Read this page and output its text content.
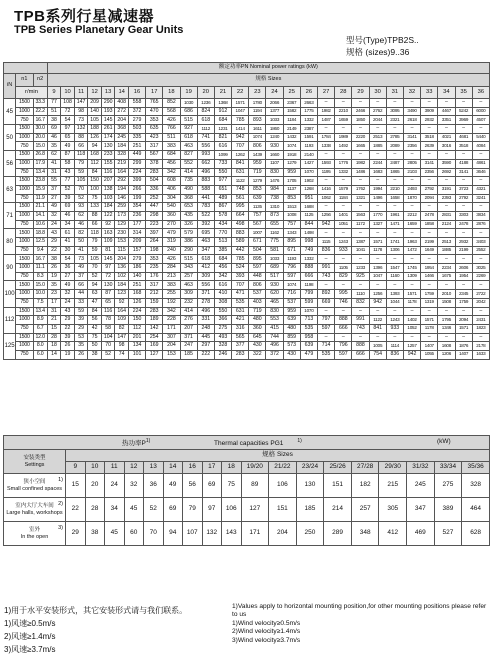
TPB系列行星减速器
TPB Series Planetary Gear Units
型号(Type)TPB2S..
规格 (sizes)9..36
			额定功率PN Nominal power ratings (kW)																										
iN	n1	n2	规格 Sizes																										
	r/min		9	10	11	12	13	14	16	17	18	19	20	21	22	23	24	25	26	27	28	29	30	31	32	33	34	35	36
45	1500	33.3	77	108	147	209	290	408	558	765	852	1030	1236	1368	1571	1780	2066	2367	2663	–	–	–	–	–	–	–	–	–	–
	1000	22.2	51	72	98	140	193	272	372	470	568	686	824	912	1047	1194	1377	1582	1775	1982	2210	2466	2762	3095	3490	3909	4467	5242	6000
	750	16.7	38	54	73	105	145	204	279	353	426	515	618	684	785	893	1033	1184	1332	1487	1659	1850	2044	2321	2618	2932	3351	3969	4507
50	1500	30.0	69	97	132	188	261	368	503	635	766	927	1112	1231	1414	1611	1860	2149	2387	–	–	–	–	–	–	–	–	–	–
	1000	20.0	46	65	88	126	174	245	335	423	511	618	741	821	942	1074	1240	1432	1591	1784	1989	2220	2513	2785	3141	3518	4021	4681	5440
	750	15.0	35	49	66	94	130	184	251	317	383	463	556	616	707	806	930	1074	1193	1338	1492	1665	1885	2089	2356	2639	3016	3518	4084
56	1500	26.8	62	87	118	168	233	328	449	567	684	827	993	1099	1262	1439	1660	1918	2140	–	–	–	–	–	–	–	–	–	–
	1000	17.9	41	58	79	112	155	219	299	378	456	552	662	733	841	959	1107	1279	1427	1593	1776	1982	2244	2487	2805	3141	3590	4188	4861
	750	13.4	31	43	59	84	116	164	224	283	342	414	496	550	631	719	830	959	1070	1195	1332	1486	1683	1865	2103	2356	2692	3141	3646
63	1500	23.8	55	77	105	150	207	292	399	504	608	735	883	977	1122	1279	1476	1705	1902	–	–	–	–	–	–	–	–	–	–
	1000	15.9	37	52	70	100	138	194	266	336	406	490	588	651	748	853	984	1137	1268	1416	1579	1762	1994	2210	2493	2792	3191	3723	4321
	750	11.9	27	39	52	75	103	146	199	252	304	368	441	489	561	639	738	853	951	1062	1184	1321	1496	1658	1870	2094	2393	2792	3241
71	1500	21.1	49	69	93	133	184	259	354	447	540	653	783	867	995	1135	1310	1513	1688	–	–	–	–	–	–	–	–	–	–
	1000	14.1	32	46	62	88	122	173	236	298	360	435	522	578	664	757	873	1008	1125	1256	1401	1563	1770	1961	2212	2478	2831	3303	3834
	750	10.6	24	34	46	66	92	129	177	223	270	326	392	434	498	567	655	757	844	942	1051	1172	1327	1471	1659	1858	2124	2478	2876
80	1500	18.8	43	61	82	118	163	230	314	397	479	579	695	770	883	1007	1162	1343	1498	–	–	–	–	–	–	–	–	–	–
	1000	12.5	29	41	50	79	109	153	209	264	319	386	463	513	589	671	775	895	998	1115	1243	1387	1571	1741	1963	2199	2513	2932	3403
	750	9.4	22	30	41	59	81	115	157	198	240	290	347	385	442	504	581	671	749	836	933	1041	1178	1306	1472	1649	1885	2199	2552
90	1500	16.7	38	54	73	105	145	204	279	353	426	515	618	684	785	895	1033	1193	1332	–	–	–	–	–	–	–	–	–	–
	1000	11.1	26	36	49	70	97	136	186	235	284	343	412	456	524	597	689	796	888	991	1105	1233	1396	1547	1745	1954	2234	2606	3025
	750	8.3	19	27	37	52	72	102	140	176	213	257	309	342	393	448	517	597	666	743	829	925	1047	1160	1309	1466	1675	1954	2269
100	1500	15.0	35	49	66	94	130	184	251	317	383	463	556	616	707	806	930	1074	1198	–	–	–	–	–	–	–	–	–	–
	1000	10.0	23	32	44	63	87	123	168	212	255	309	371	410	471	537	620	716	799	892	995	1110	1256	1393	1571	1759	2010	2345	2722
	750	7.5	17	24	33	47	65	92	126	159	192	232	278	308	535	403	465	537	599	669	746	832	942	1044	1178	1319	1508	1759	2042
112	1500	13.4	31	43	59	84	116	164	224	283	342	414	496	550	631	719	830	959	1070	–	–	–	–	–	–	–	–	–	–
	1000	8.9	21	29	39	56	78	109	150	189	228	276	331	366	421	480	553	639	713	797	888	991	1122	1243	1402	1571	1795	2094	2431
	750	6.7	15	22	29	42	58	82	112	142	171	207	248	275	316	360	415	480	535	597	666	743	841	933	1052	1178	1346	1571	1823
125	1500	12.0	28	39	53	75	104	147	201	254	307	371	445	493	565	645	744	859	958	–	–	–	–	–	–	–	–	–	–
	1000	8.0	18	26	35	50	70	98	134	169	204	247	297	328	377	430	496	573	639	714	796	888	1005	1114	1257	1407	1608	1876	2178
	750	6.0	14	19	26	38	52	74	101	127	153	185	222	246	283	322	372	430	479	535	597	666	754	836	942	1055	1206	1407	1633
热功率$P^{1)}$ Thermal capacities PG1 $^{1)}$ (kW)																		

安装类型
Settings	规格 Sizes																	
	9	10	11	12	13	14	16	17	18	19/20	21/22	23/24	25/26	27/28	29/30	31/32	33/34	35/36
狭小空间
Small confined spaces
1)	15	20	24	32	36	49	56	69	75	89	106	130	151	182	215	245	275	328
室内大厅大车间
Large halls, workshops
2)	22	28	34	45	52	69	79	97	106	127	151	185	214	257	305	347	389	464
室外
In the open
3)	29	38	45	60	70	94	107	132	143	171	204	250	289	348	412	469	527	628
1)用于水平安装形式，其它安装形式请与我们联系。
1)风速≥0.5m/s
2)风速≥1.4m/s
3)风速≥3.7m/s
1)Values apply to horizontal mounting position,for other mounting positions please refer
to us
1)Wind velocity≥0.5m/s
2)Wind velocity≥1.4m/s
3)Wind velocity≥3.7m/s
